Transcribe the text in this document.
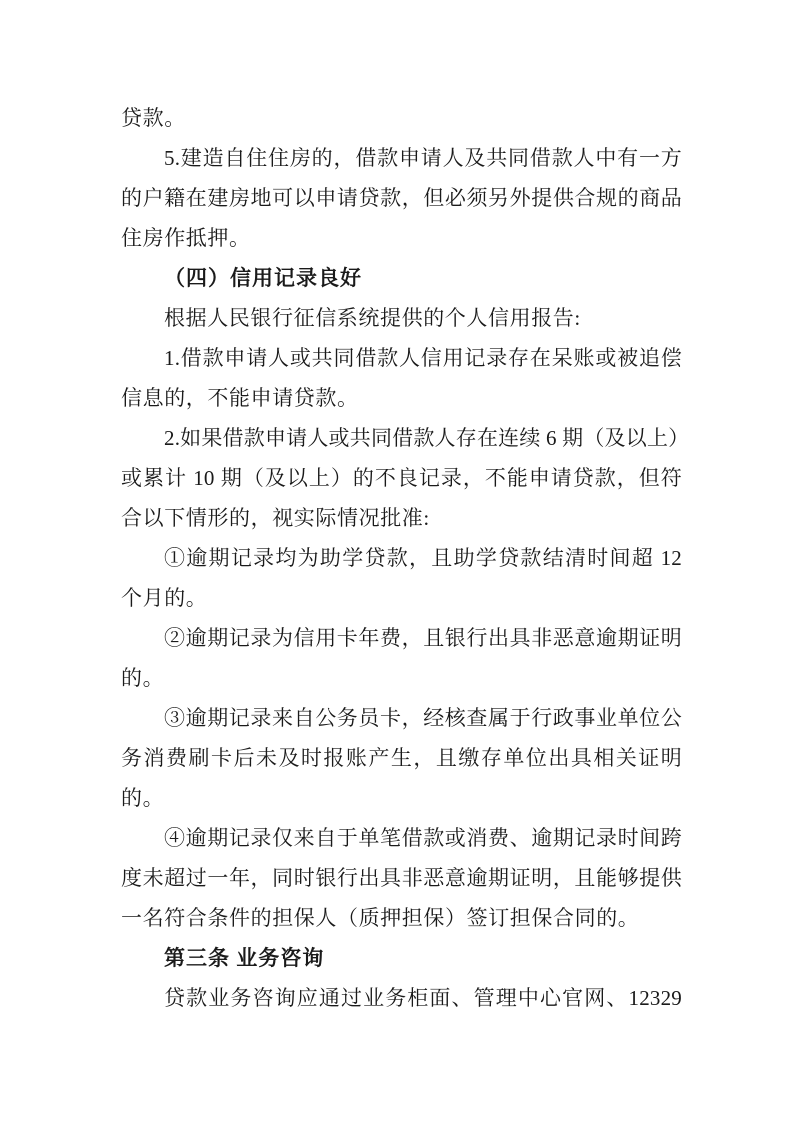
贷款。
5.建造自住住房的，借款申请人及共同借款人中有一方
的户籍在建房地可以申请贷款，但必须另外提供合规的商品
住房作抵押。
（四）信用记录良好
根据人民银行征信系统提供的个人信用报告:
1.借款申请人或共同借款人信用记录存在呆账或被追偿
信息的，不能申请贷款。
2.如果借款申请人或共同借款人存在连续 6 期（及以上）
或累计 10 期（及以上）的不良记录，不能申请贷款，但符
合以下情形的，视实际情况批准:
①逾期记录均为助学贷款，且助学贷款结清时间超 12
个月的。
②逾期记录为信用卡年费，且银行出具非恶意逾期证明
的。
③逾期记录来自公务员卡，经核查属于行政事业单位公
务消费刷卡后未及时报账产生，且缴存单位出具相关证明
的。
④逾期记录仅来自于单笔借款或消费、逾期记录时间跨
度未超过一年，同时银行出具非恶意逾期证明，且能够提供
一名符合条件的担保人（质押担保）签订担保合同的。
第三条 业务咨询
贷款业务咨询应通过业务柜面、管理中心官网、12329
